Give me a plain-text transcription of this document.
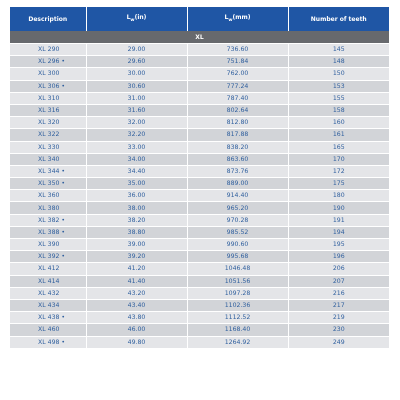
Description	$L_w(in)$	$L_w(mm)$	Number of teeth
XL			
XL 290	29.00	736.60	145
XL 296 •	29.60	751.84	148
XL 300	30.00	762.00	150
XL 306 •	30.60	777.24	153
XL 310	31.00	787.40	155
XL 316	31.60	802.64	158
XL 320	32.00	812.80	160
XL 322	32.20	817.88	161
XL 330	33.00	838.20	165
XL 340	34.00	863.60	170
XL 344 •	34.40	873.76	172
XL 350 •	35.00	889.00	175
XL 360	36.00	914.40	180
XL 380	38.00	965.20	190
XL 382 •	38.20	970.28	191
XL 388 •	38.80	985.52	194
XL 390	39.00	990.60	195
XL 392 •	39.20	995.68	196
XL 412	41.20	1046.48	206
XL 414	41.40	1051.56	207
XL 432	43.20	1097.28	216
XL 434	43.40	1102.36	217
XL 438 •	43.80	1112.52	219
XL 460	46.00	1168.40	230
XL 498 •	49.80	1264.92	249
